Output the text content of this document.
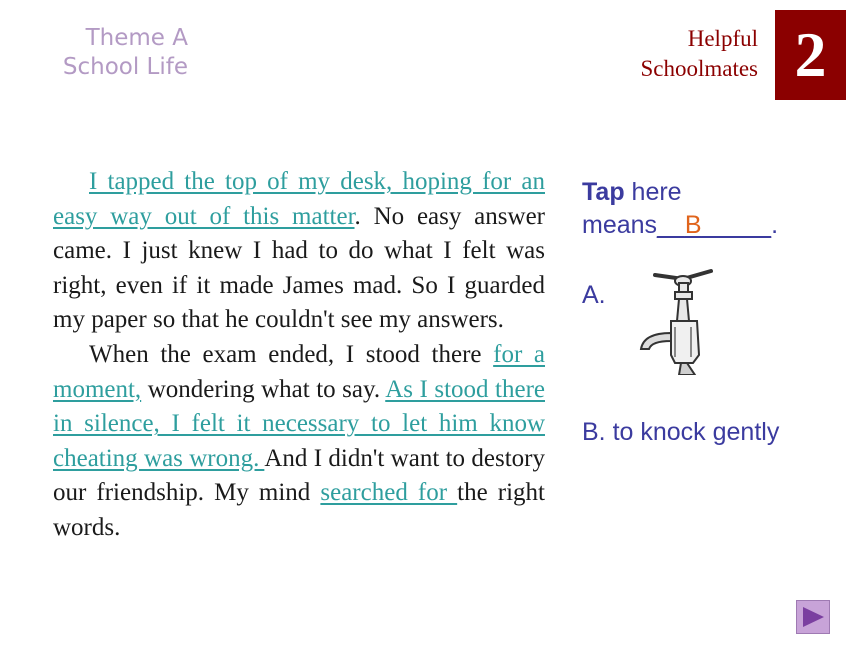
Theme A
School Life
Helpful
Schoolmates 2

I tapped the top of my desk, hoping for an easy way out of this matter. No easy answer came. I just knew I had to do what I felt was right, even if it made James mad. So I guarded my paper so that he couldn't see my answers.

When the exam ended, I stood there for a moment, wondering what to say. As I stood there in silence, I felt it necessary to let him know cheating was wrong. And I didn't want to destory our friendship. My mind searched for the right words.

Tap here means__B_____.
A.
B. to knock gently
